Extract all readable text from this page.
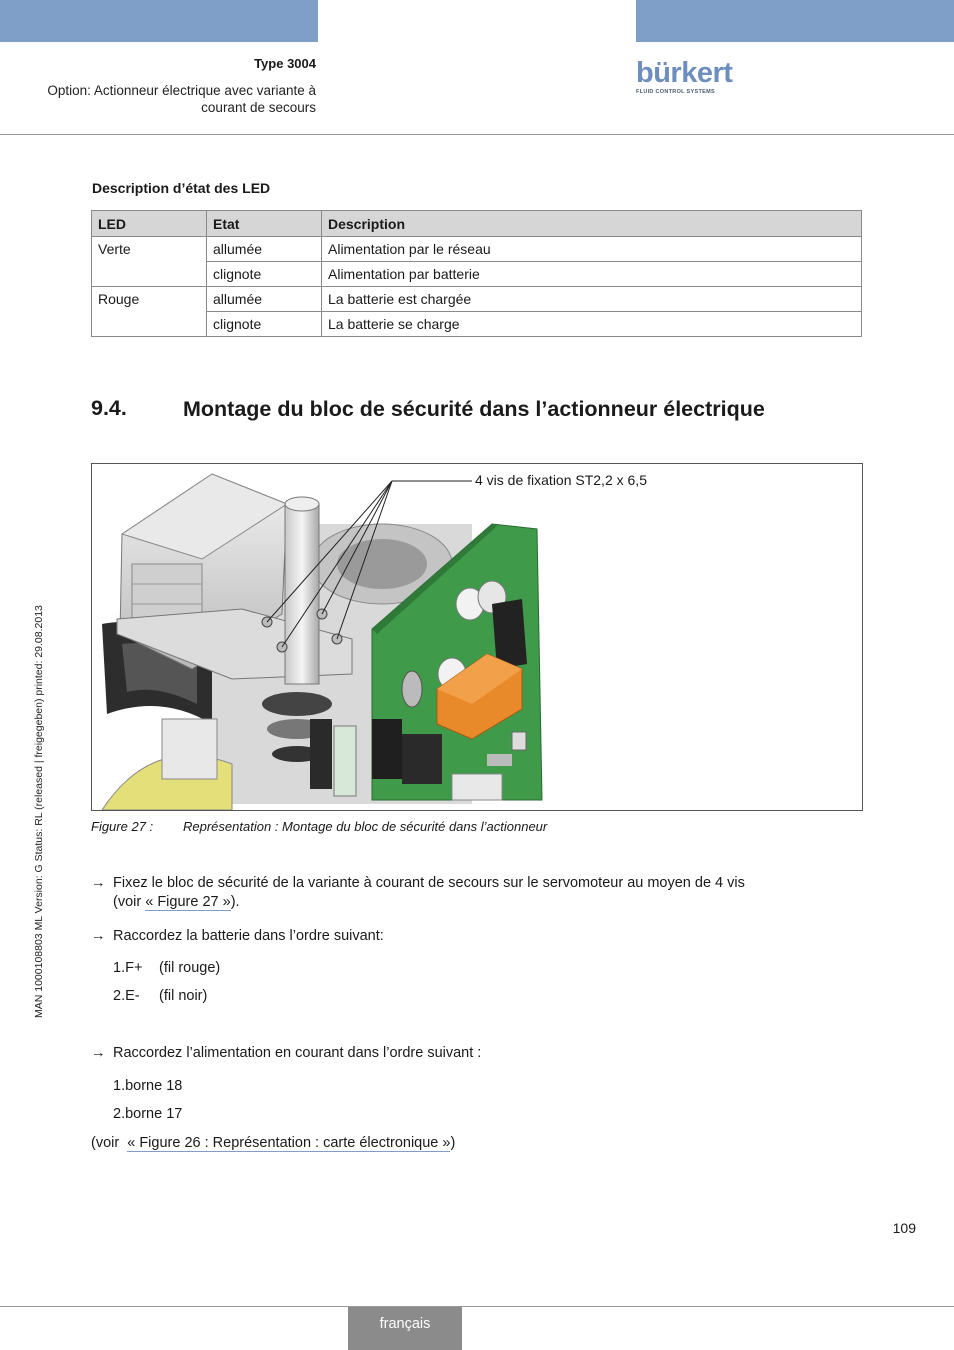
Type 3004
Option: Actionneur électrique avec variante à courant de secours
bürkert
FLUID CONTROL SYSTEMS
MAN 1000108803 ML Version: G Status: RL (released | freigegeben) printed: 29.08.2013
Description d’état des LED
LED	Etat	Description
Verte	allumée	Alimentation par le réseau
	clignote	Alimentation par batterie
Rouge	allumée	La batterie est chargée
	clignote	La batterie se charge
9.4.	Montage du bloc de sécurité dans l’actionneur électrique
4 vis de fixation ST2,2 x 6,5
Figure 27 : Représentation : Montage du bloc de sécurité dans l’actionneur
→ Fixez le bloc de sécurité de la variante à courant de secours sur le servomoteur au moyen de 4 vis
(voir « Figure 27 »).
→ Raccordez la batterie dans l’ordre suivant:
1.F+ (fil rouge)
2.E- (fil noir)
→ Raccordez l’alimentation en courant dans l’ordre suivant :
1.borne 18
2.borne 17
(voir « Figure 26 : Représentation : carte électronique »)
109
français
